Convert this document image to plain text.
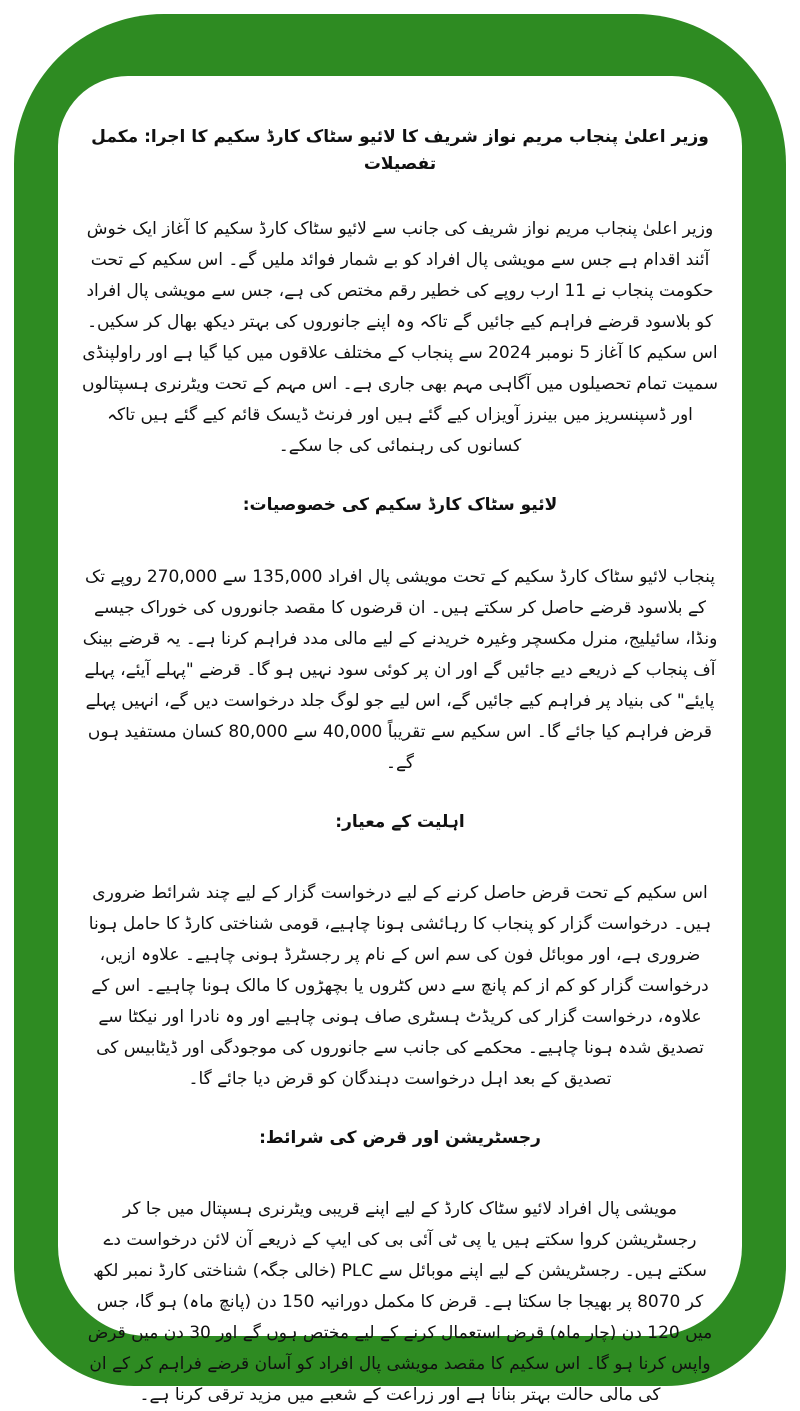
وزیر اعلیٰ پنجاب مریم نواز شریف کا لائیو سٹاک کارڈ سکیم کا اجرا: مکمل تفصیلات

وزیر اعلیٰ پنجاب مریم نواز شریف کی جانب سے لائیو سٹاک کارڈ سکیم کا آغاز ایک خوش آئند اقدام ہے جس سے مویشی پال افراد کو بے شمار فوائد ملیں گے۔ اس سکیم کے تحت حکومت پنجاب نے 11 ارب روپے کی خطیر رقم مختص کی ہے، جس سے مویشی پال افراد کو بلاسود قرضے فراہم کیے جائیں گے تاکہ وہ اپنے جانوروں کی بہتر دیکھ بھال کر سکیں۔ اس سکیم کا آغاز 5 نومبر 2024 سے پنجاب کے مختلف علاقوں میں کیا گیا ہے اور راولپنڈی سمیت تمام تحصیلوں میں آگاہی مہم بھی جاری ہے۔ اس مہم کے تحت ویٹرنری ہسپتالوں اور ڈسپنسریز میں بینرز آویزاں کیے گئے ہیں اور فرنٹ ڈیسک قائم کیے گئے ہیں تاکہ کسانوں کی رہنمائی کی جا سکے۔

لائیو سٹاک کارڈ سکیم کی خصوصیات:

پنجاب لائیو سٹاک کارڈ سکیم کے تحت مویشی پال افراد 135,000 سے 270,000 روپے تک کے بلاسود قرضے حاصل کر سکتے ہیں۔ ان قرضوں کا مقصد جانوروں کی خوراک جیسے ونڈا، سائیلیج، منرل مکسچر وغیرہ خریدنے کے لیے مالی مدد فراہم کرنا ہے۔ یہ قرضے بینک آف پنجاب کے ذریعے دیے جائیں گے اور ان پر کوئی سود نہیں ہو گا۔ قرضے "پہلے آیئے، پہلے پایئے" کی بنیاد پر فراہم کیے جائیں گے، اس لیے جو لوگ جلد درخواست دیں گے، انہیں پہلے قرض فراہم کیا جائے گا۔ اس سکیم سے تقریباً 40,000 سے 80,000 کسان مستفید ہوں گے۔

اہلیت کے معیار:

اس سکیم کے تحت قرض حاصل کرنے کے لیے درخواست گزار کے لیے چند شرائط ضروری ہیں۔ درخواست گزار کو پنجاب کا رہائشی ہونا چاہیے، قومی شناختی کارڈ کا حامل ہونا ضروری ہے، اور موبائل فون کی سم اس کے نام پر رجسٹرڈ ہونی چاہیے۔ علاوہ ازیں، درخواست گزار کو کم از کم پانچ سے دس کٹروں یا بچھڑوں کا مالک ہونا چاہیے۔ اس کے علاوہ، درخواست گزار کی کریڈٹ ہسٹری صاف ہونی چاہیے اور وہ نادرا اور نیکٹا سے تصدیق شدہ ہونا چاہیے۔ محکمے کی جانب سے جانوروں کی موجودگی اور ڈیٹابیس کی تصدیق کے بعد اہل درخواست دہندگان کو قرض دیا جائے گا۔

رجسٹریشن اور قرض کی شرائط:

مویشی پال افراد لائیو سٹاک کارڈ کے لیے اپنے قریبی ویٹرنری ہسپتال میں جا کر رجسٹریشن کروا سکتے ہیں یا پی ٹی آئی بی کی ایپ کے ذریعے آن لائن درخواست دے سکتے ہیں۔ رجسٹریشن کے لیے اپنے موبائل سے PLC (خالی جگہ) شناختی کارڈ نمبر لکھ کر 8070 پر بھیجا جا سکتا ہے۔ قرض کا مکمل دورانیہ 150 دن (پانچ ماہ) ہو گا، جس میں 120 دن (چار ماہ) قرض استعمال کرنے کے لیے مختص ہوں گے اور 30 دن میں قرض واپس کرنا ہو گا۔ اس سکیم کا مقصد مویشی پال افراد کو آسان قرضے فراہم کر کے ان کی مالی حالت بہتر بنانا ہے اور زراعت کے شعبے میں مزید ترقی کرنا ہے۔
